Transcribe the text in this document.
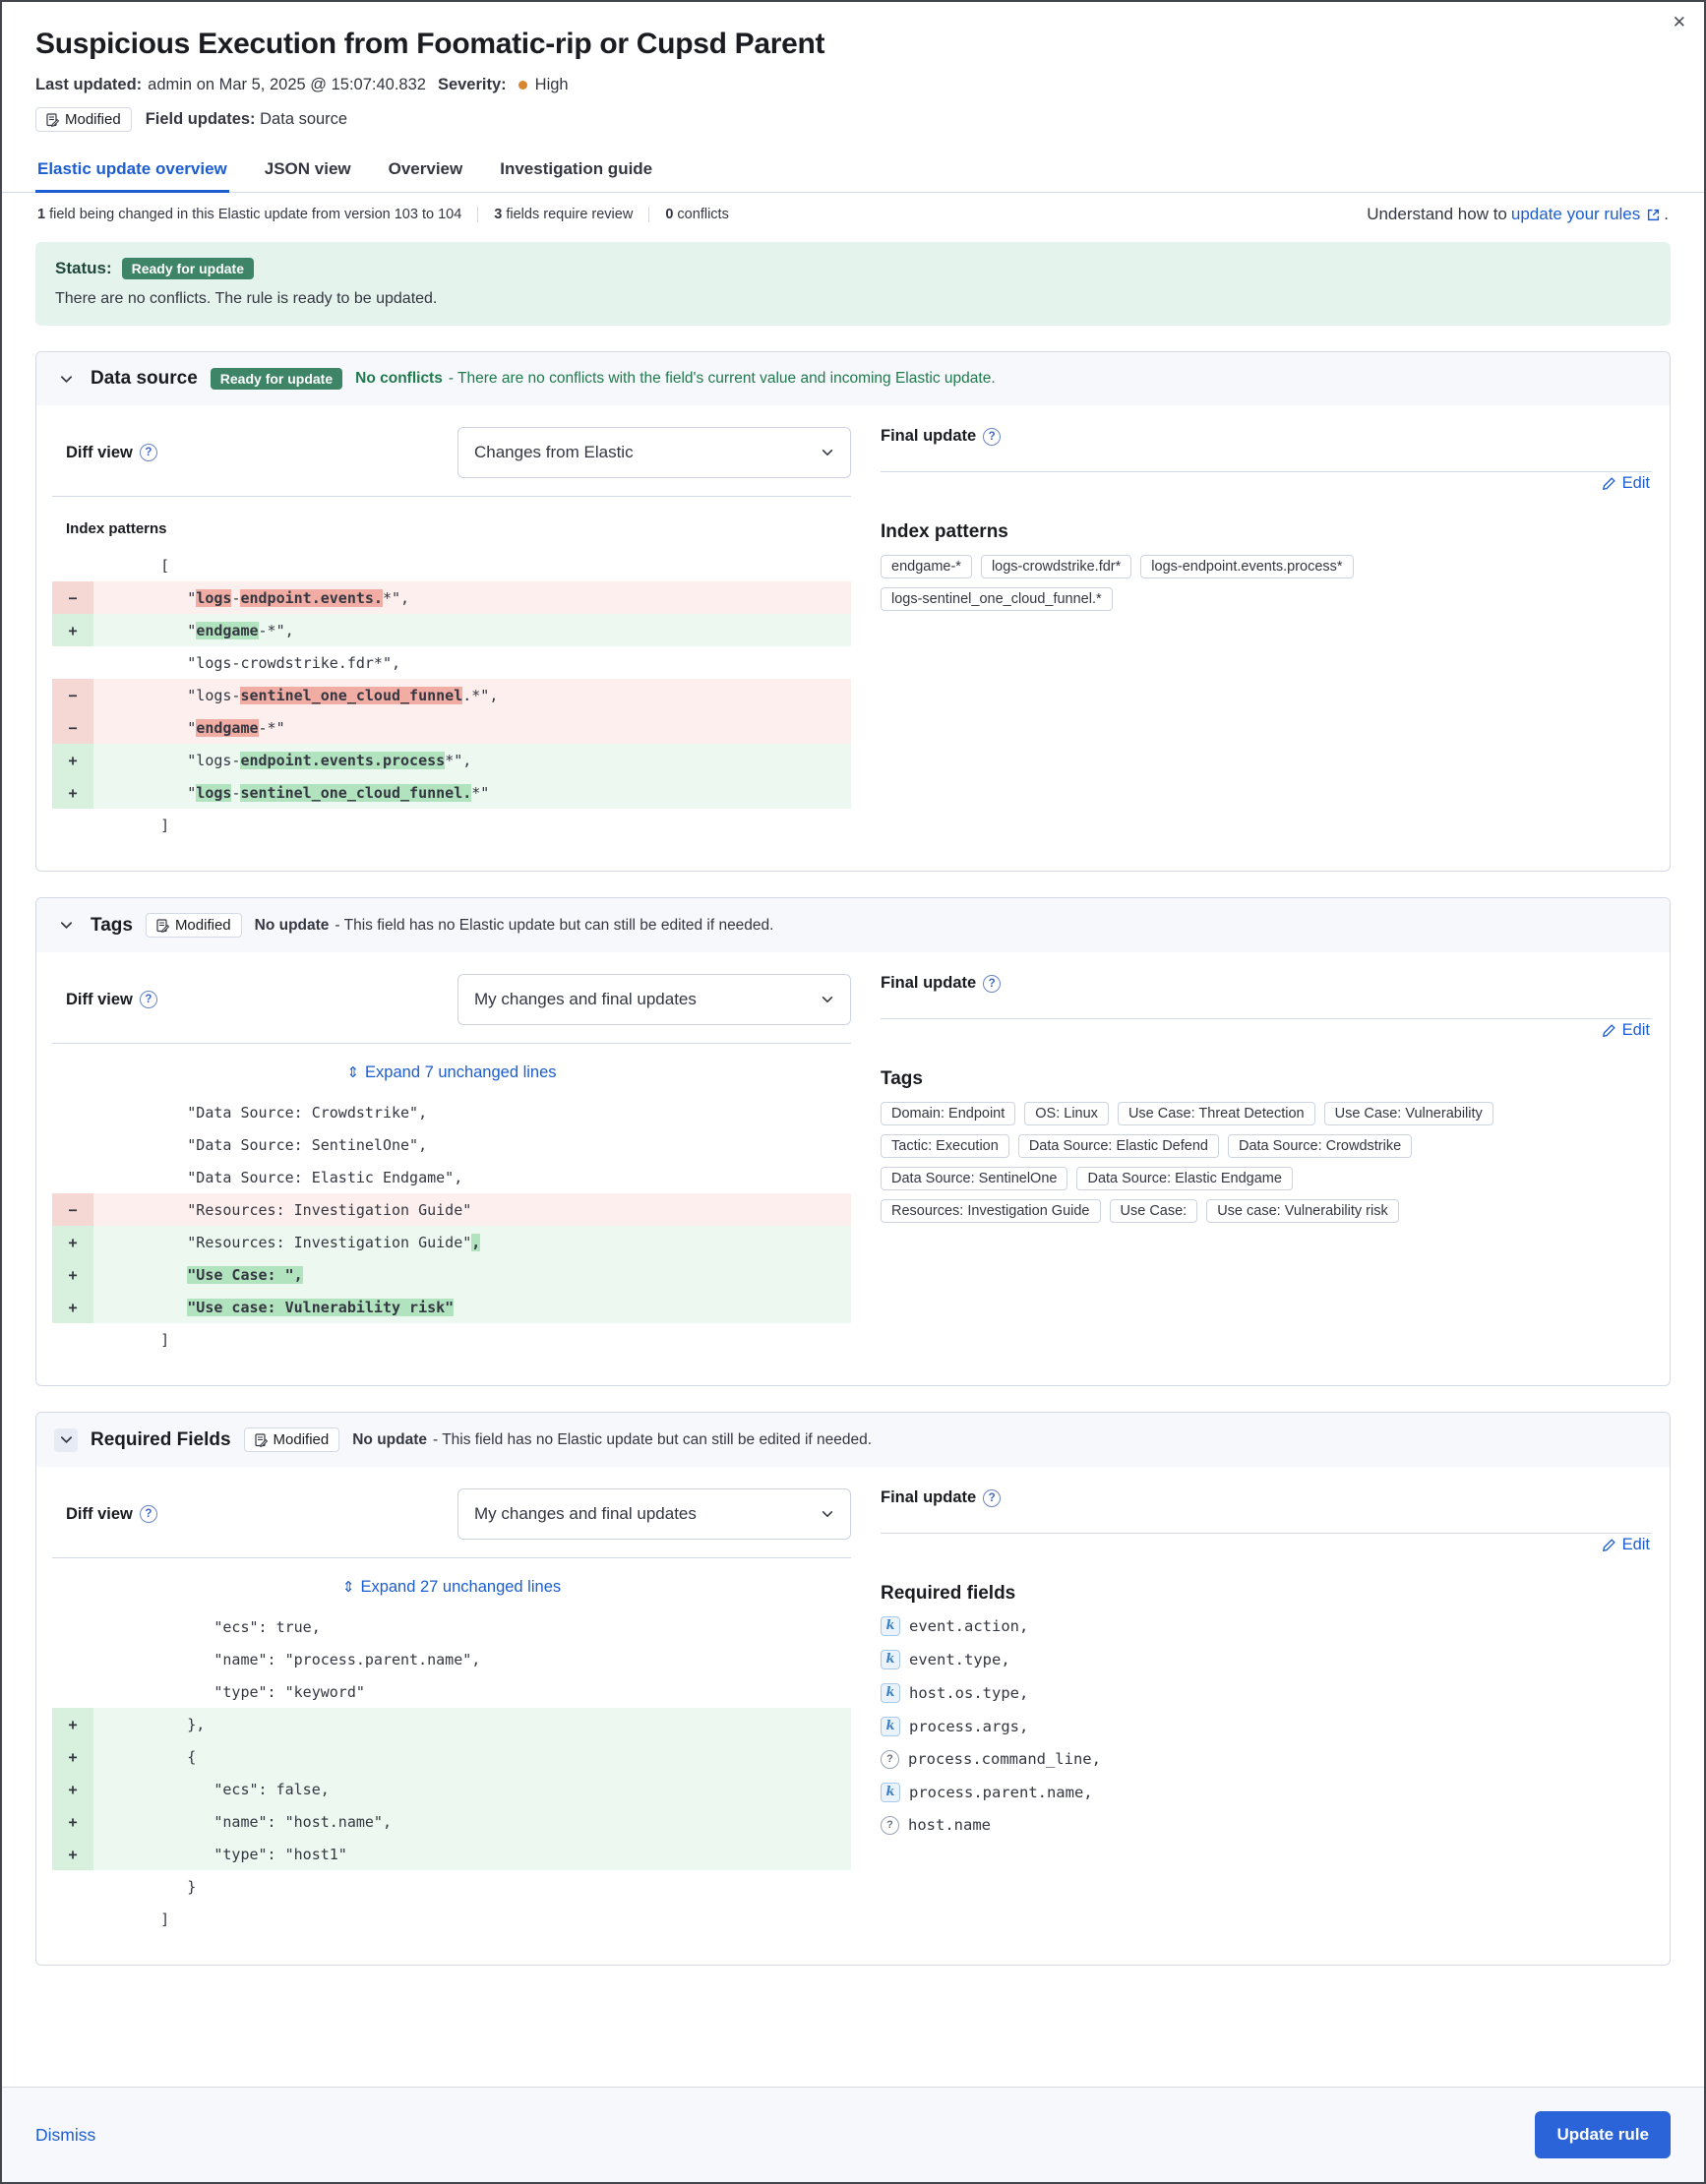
✕
Suspicious Execution from Foomatic-rip or Cupsd Parent
Last updated: admin on Mar 5, 2025 @ 15:07:40.832 Severity: High
Modified Field updates: Data source
Elastic update overview JSON view Overview Investigation guide
1 field being changed in this Elastic update from version 103 to 104	3 fields require review	0 conflicts	Understand how to update your rules .
Status:	Ready for update
There are no conflicts. The rule is ready to be updated.
Data source	Ready for update	No conflicts - There are no conflicts with the field's current value and incoming Elastic update.
Diff view	?	Changes from Elastic
Index patterns
[
−	" logs - endpoint.events. *",
+	" endgame -*",
"logs-crowdstrike.fdr*",
−	"logs- sentinel_one_cloud_funnel .*",
−	" endgame -*"
+	"logs- endpoint.events.process *",
+	" logs - sentinel_one_cloud_funnel. *"
]
Final update	?
Edit
Index patterns
endgame-*	logs-crowdstrike.fdr*	logs-endpoint.events.process*
logs-sentinel_one_cloud_funnel.*
Tags	Modified No update - This field has no Elastic update but can still be edited if needed.
Diff view	?	My changes and final updates
⇕ Expand 7 unchanged lines
"Data Source: Crowdstrike",
"Data Source: SentinelOne",
"Data Source: Elastic Endgame",
−	"Resources: Investigation Guide"
+	"Resources: Investigation Guide" ,
+
	"Use Case: ",
+
	"Use case: Vulnerability risk"
]
Final update	?
Edit
Tags
Domain: Endpoint	OS: Linux	Use Case: Threat Detection	Use Case: Vulnerability
Tactic: Execution	Data Source: Elastic Defend	Data Source: Crowdstrike
Data Source: SentinelOne	Data Source: Elastic Endgame
Resources: Investigation Guide	Use Case:	Use case: Vulnerability risk
Required Fields	Modified No update - This field has no Elastic update but can still be edited if needed.
Diff view	?	My changes and final updates
⇕ Expand 27 unchanged lines
"ecs": true,
"name": "process.parent.name",
"type": "keyword"
+	},
+	{
+	"ecs": false,
+	"name": "host.name",
+	"type": "host1"
}
]
Final update	?
Edit
Required fields
k event.action,
k event.type,
k host.os.type,
k process.args,
? process.command_line,
k process.parent.name,
? host.name
Dismiss	Update rule
